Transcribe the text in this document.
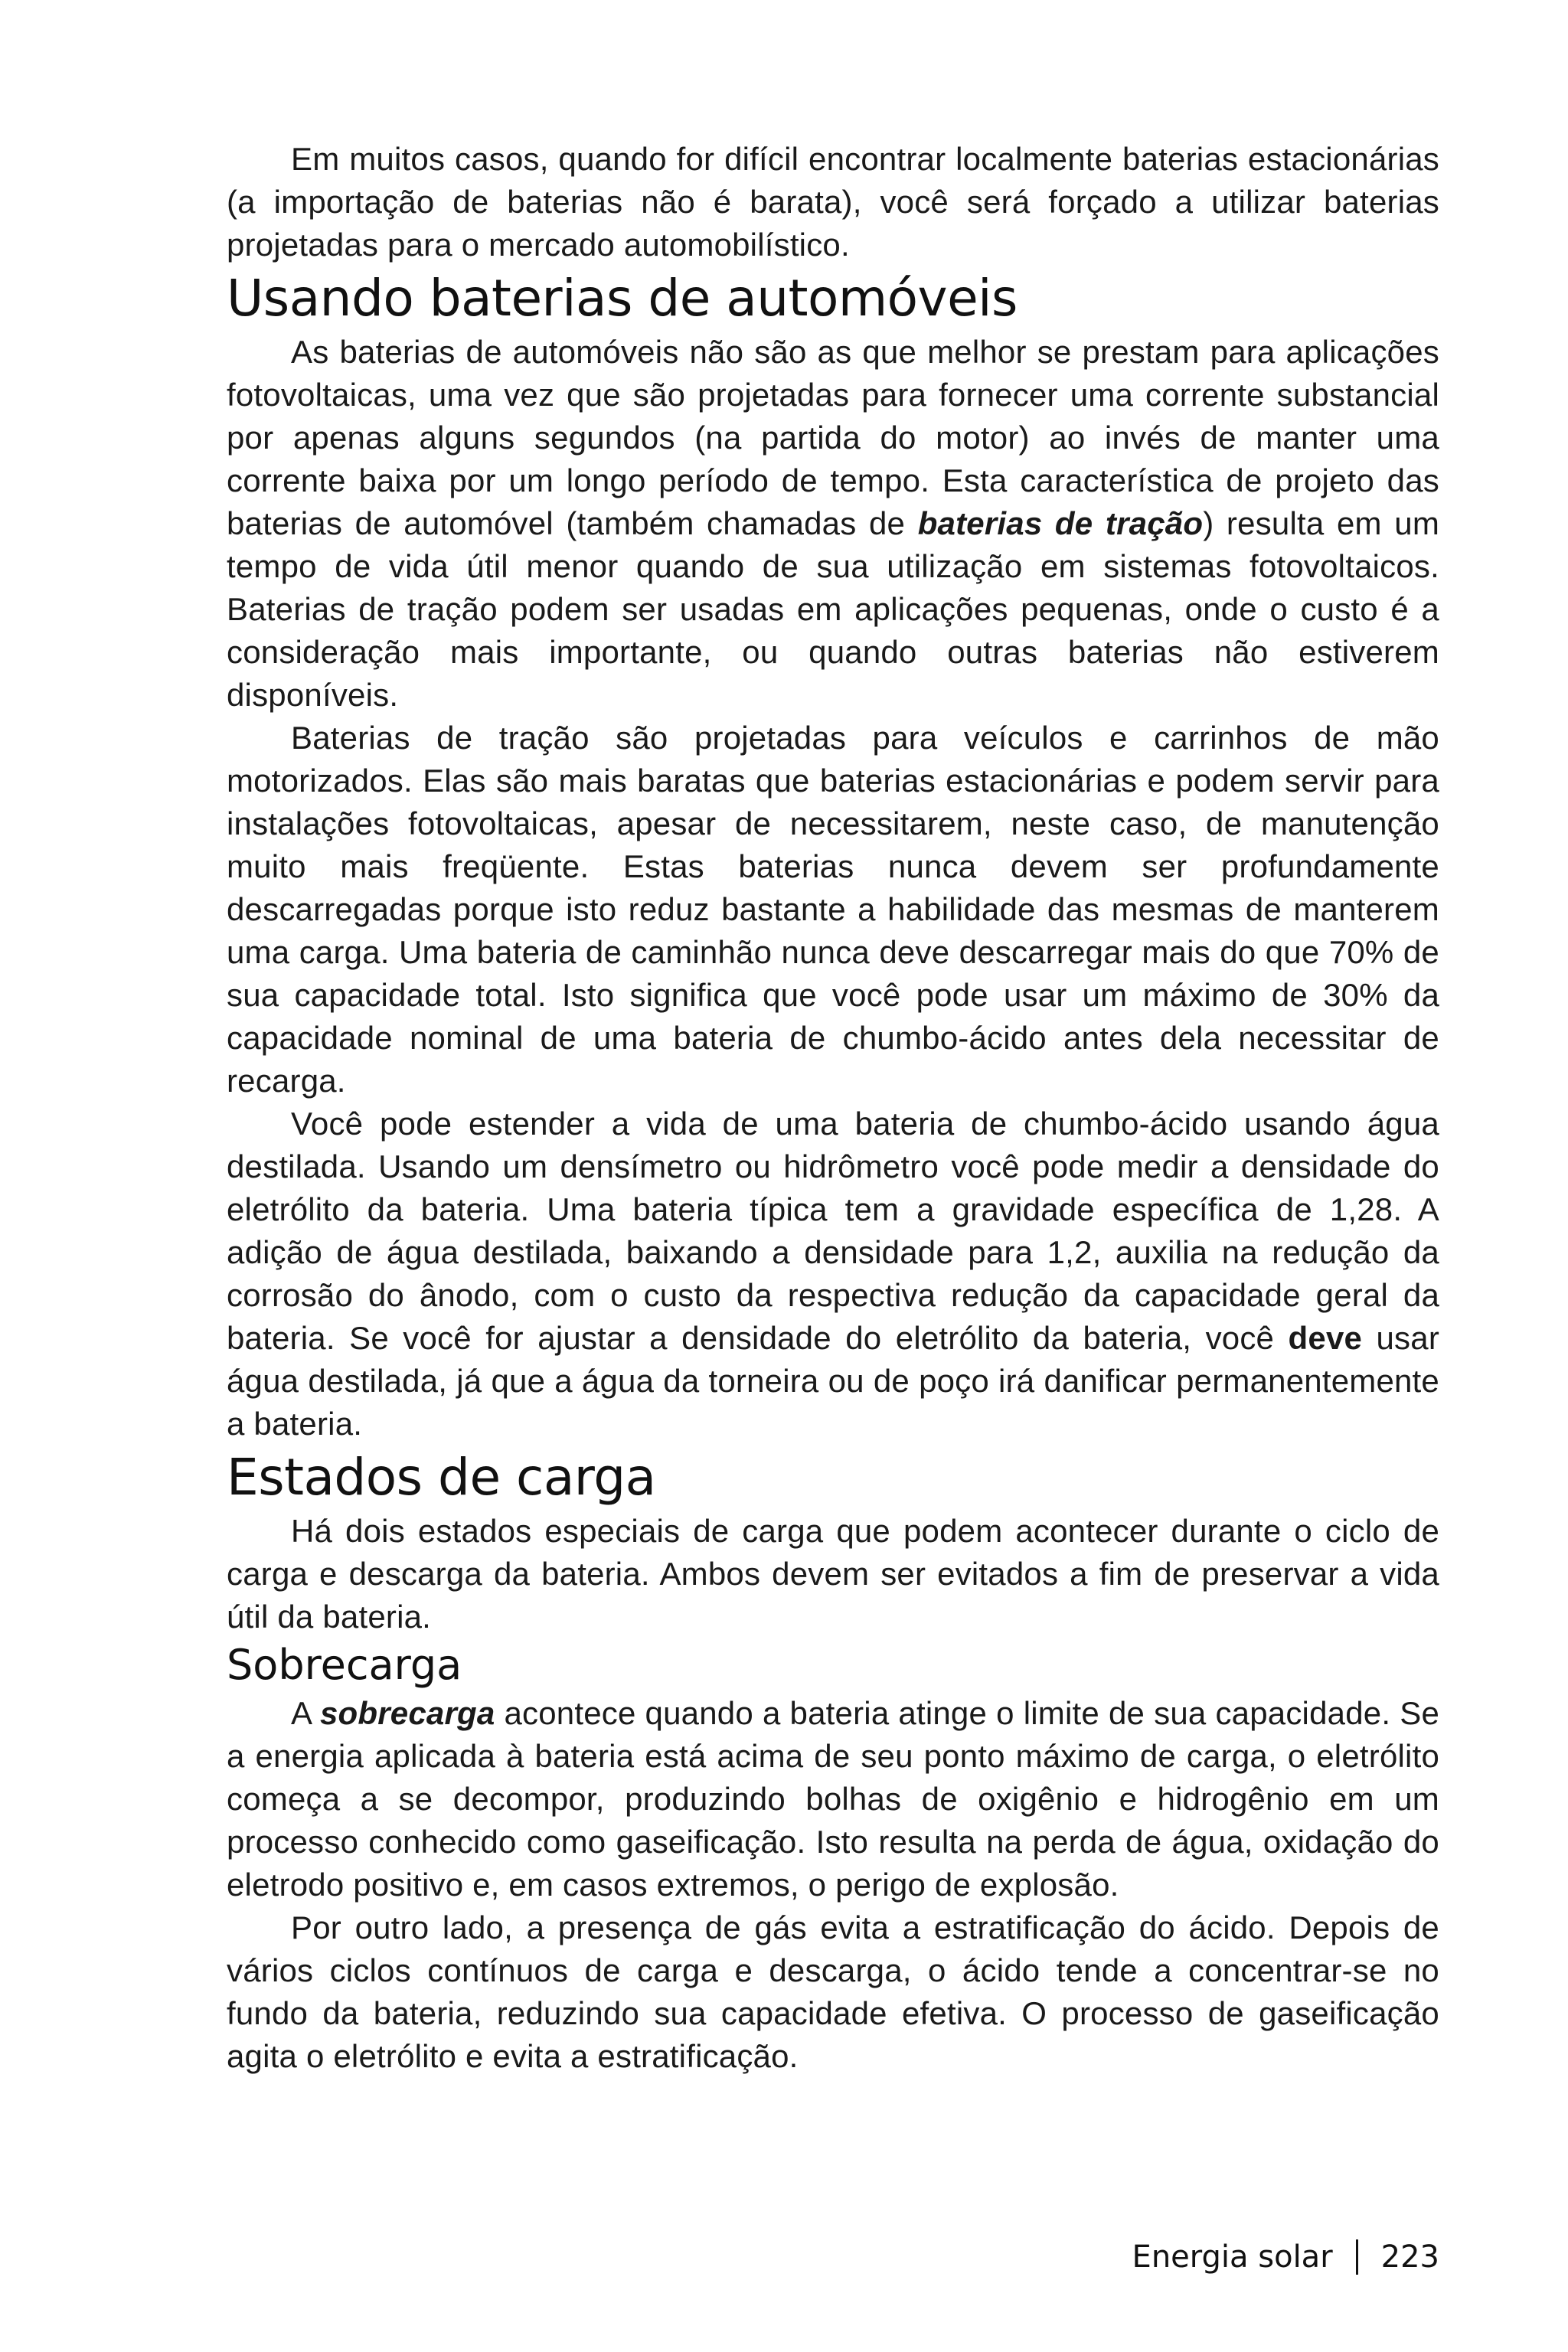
Em muitos casos, quando for difícil encontrar localmente baterias estacionárias (a importação de baterias não é barata), você será forçado a utilizar baterias projetadas para o mercado automobilístico.

Usando baterias de automóveis

As baterias de automóveis não são as que melhor se prestam para aplicações fotovoltaicas, uma vez que são projetadas para fornecer uma corrente substancial por apenas alguns segundos (na partida do motor) ao invés de manter uma corrente baixa por um longo período de tempo. Esta característica de projeto das baterias de automóvel (também chamadas de baterias de tração) resulta em um tempo de vida útil menor quando de sua utilização em sistemas fotovoltaicos. Baterias de tração podem ser usadas em aplicações pequenas, onde o custo é a consideração mais importante, ou quando outras baterias não estiverem disponíveis.

Baterias de tração são projetadas para veículos e carrinhos de mão motorizados. Elas são mais baratas que baterias estacionárias e podem servir para instalações fotovoltaicas, apesar de necessitarem, neste caso, de manutenção muito mais freqüente. Estas baterias nunca devem ser profundamente descarregadas porque isto reduz bastante a habilidade das mesmas de manterem uma carga. Uma bateria de caminhão nunca deve descarregar mais do que 70% de sua capacidade total. Isto significa que você pode usar um máximo de 30% da capacidade nominal de uma bateria de chumbo-ácido antes dela necessitar de recarga.

Você pode estender a vida de uma bateria de chumbo-ácido usando água destilada. Usando um densímetro ou hidrômetro você pode medir a densidade do eletrólito da bateria. Uma bateria típica tem a gravidade específica de 1,28. A adição de água destilada, baixando a densidade para 1,2, auxilia na redução da corrosão do ânodo, com o custo da respectiva redução da capacidade geral da bateria. Se você for ajustar a densidade do eletrólito da bateria, você deve usar água destilada, já que a água da torneira ou de poço irá danificar permanentemente a bateria.

Estados de carga

Há dois estados especiais de carga que podem acontecer durante o ciclo de carga e descarga da bateria. Ambos devem ser evitados a fim de preservar a vida útil da bateria.

Sobrecarga

A sobrecarga acontece quando a bateria atinge o limite de sua capacidade. Se a energia aplicada à bateria está acima de seu ponto máximo de carga, o eletrólito começa a se decompor, produzindo bolhas de oxigênio e hidrogênio em um processo conhecido como gaseificação. Isto resulta na perda de água, oxidação do eletrodo positivo e, em casos extremos, o perigo de explosão.

Por outro lado, a presença de gás evita a estratificação do ácido. Depois de vários ciclos contínuos de carga e descarga, o ácido tende a concentrar-se no fundo da bateria, reduzindo sua capacidade efetiva. O processo de gaseificação agita o eletrólito e evita a estratificação.

Energia solar 223
